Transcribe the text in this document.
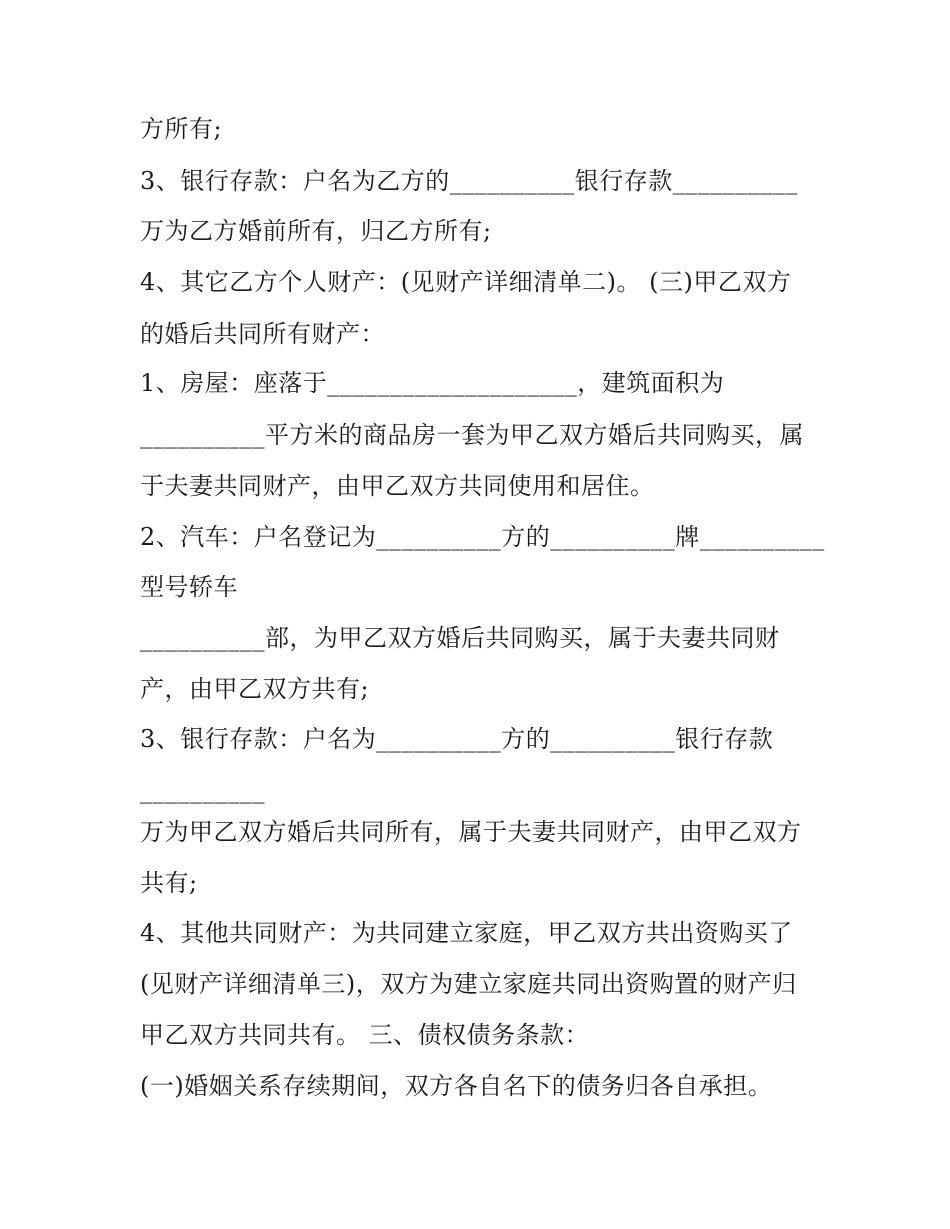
方所有;

3、银行存款：户名为乙方的__________银行存款__________

万为乙方婚前所有，归乙方所有;

4、其它乙方个人财产：(见财产详细清单二)。 (三)甲乙双方

的婚后共同所有财产：

1、房屋：座落于____________________，建筑面积为

__________平方米的商品房一套为甲乙双方婚后共同购买，属

于夫妻共同财产，由甲乙双方共同使用和居住。

2、汽车：户名登记为__________方的__________牌__________

型号轿车

__________部，为甲乙双方婚后共同购买，属于夫妻共同财

产，由甲乙双方共有;

3、银行存款：户名为__________方的__________银行存款

__________

万为甲乙双方婚后共同所有，属于夫妻共同财产，由甲乙双方

共有;

4、其他共同财产：为共同建立家庭，甲乙双方共出资购买了

(见财产详细清单三)，双方为建立家庭共同出资购置的财产归

甲乙双方共同共有。 三、债权债务条款：

(一)婚姻关系存续期间，双方各自名下的债务归各自承担。
